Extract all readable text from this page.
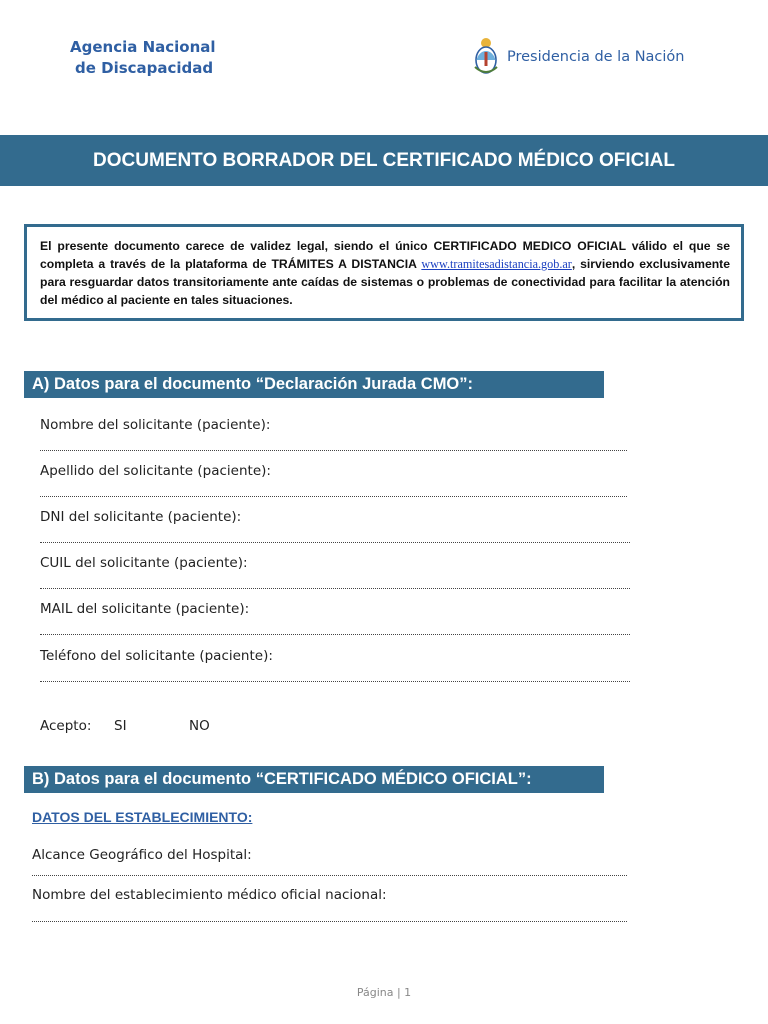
Agencia Nacional
de Discapacidad
Presidencia de la Nación
DOCUMENTO BORRADOR DEL CERTIFICADO MÉDICO OFICIAL
El presente documento carece de validez legal, siendo el único CERTIFICADO MEDICO OFICIAL válido el que se completa a través de la plataforma de TRÁMITES A DISTANCIA www.tramitesadistancia.gob.ar, sirviendo exclusivamente para resguardar datos transitoriamente ante caídas de sistemas o problemas de conectividad para facilitar la atención del médico al paciente en tales situaciones.
A) Datos para el documento “Declaración Jurada CMO”:
Nombre del solicitante (paciente):
Apellido del solicitante (paciente):
DNI del solicitante (paciente):
CUIL del solicitante (paciente):
MAIL del solicitante (paciente):
Teléfono del solicitante (paciente):
Acepto: SI	NO
B) Datos para el documento “CERTIFICADO MÉDICO OFICIAL”:
DATOS DEL ESTABLECIMIENTO:
Alcance Geográfico del Hospital:
Nombre del establecimiento médico oficial nacional:
Página | 1
